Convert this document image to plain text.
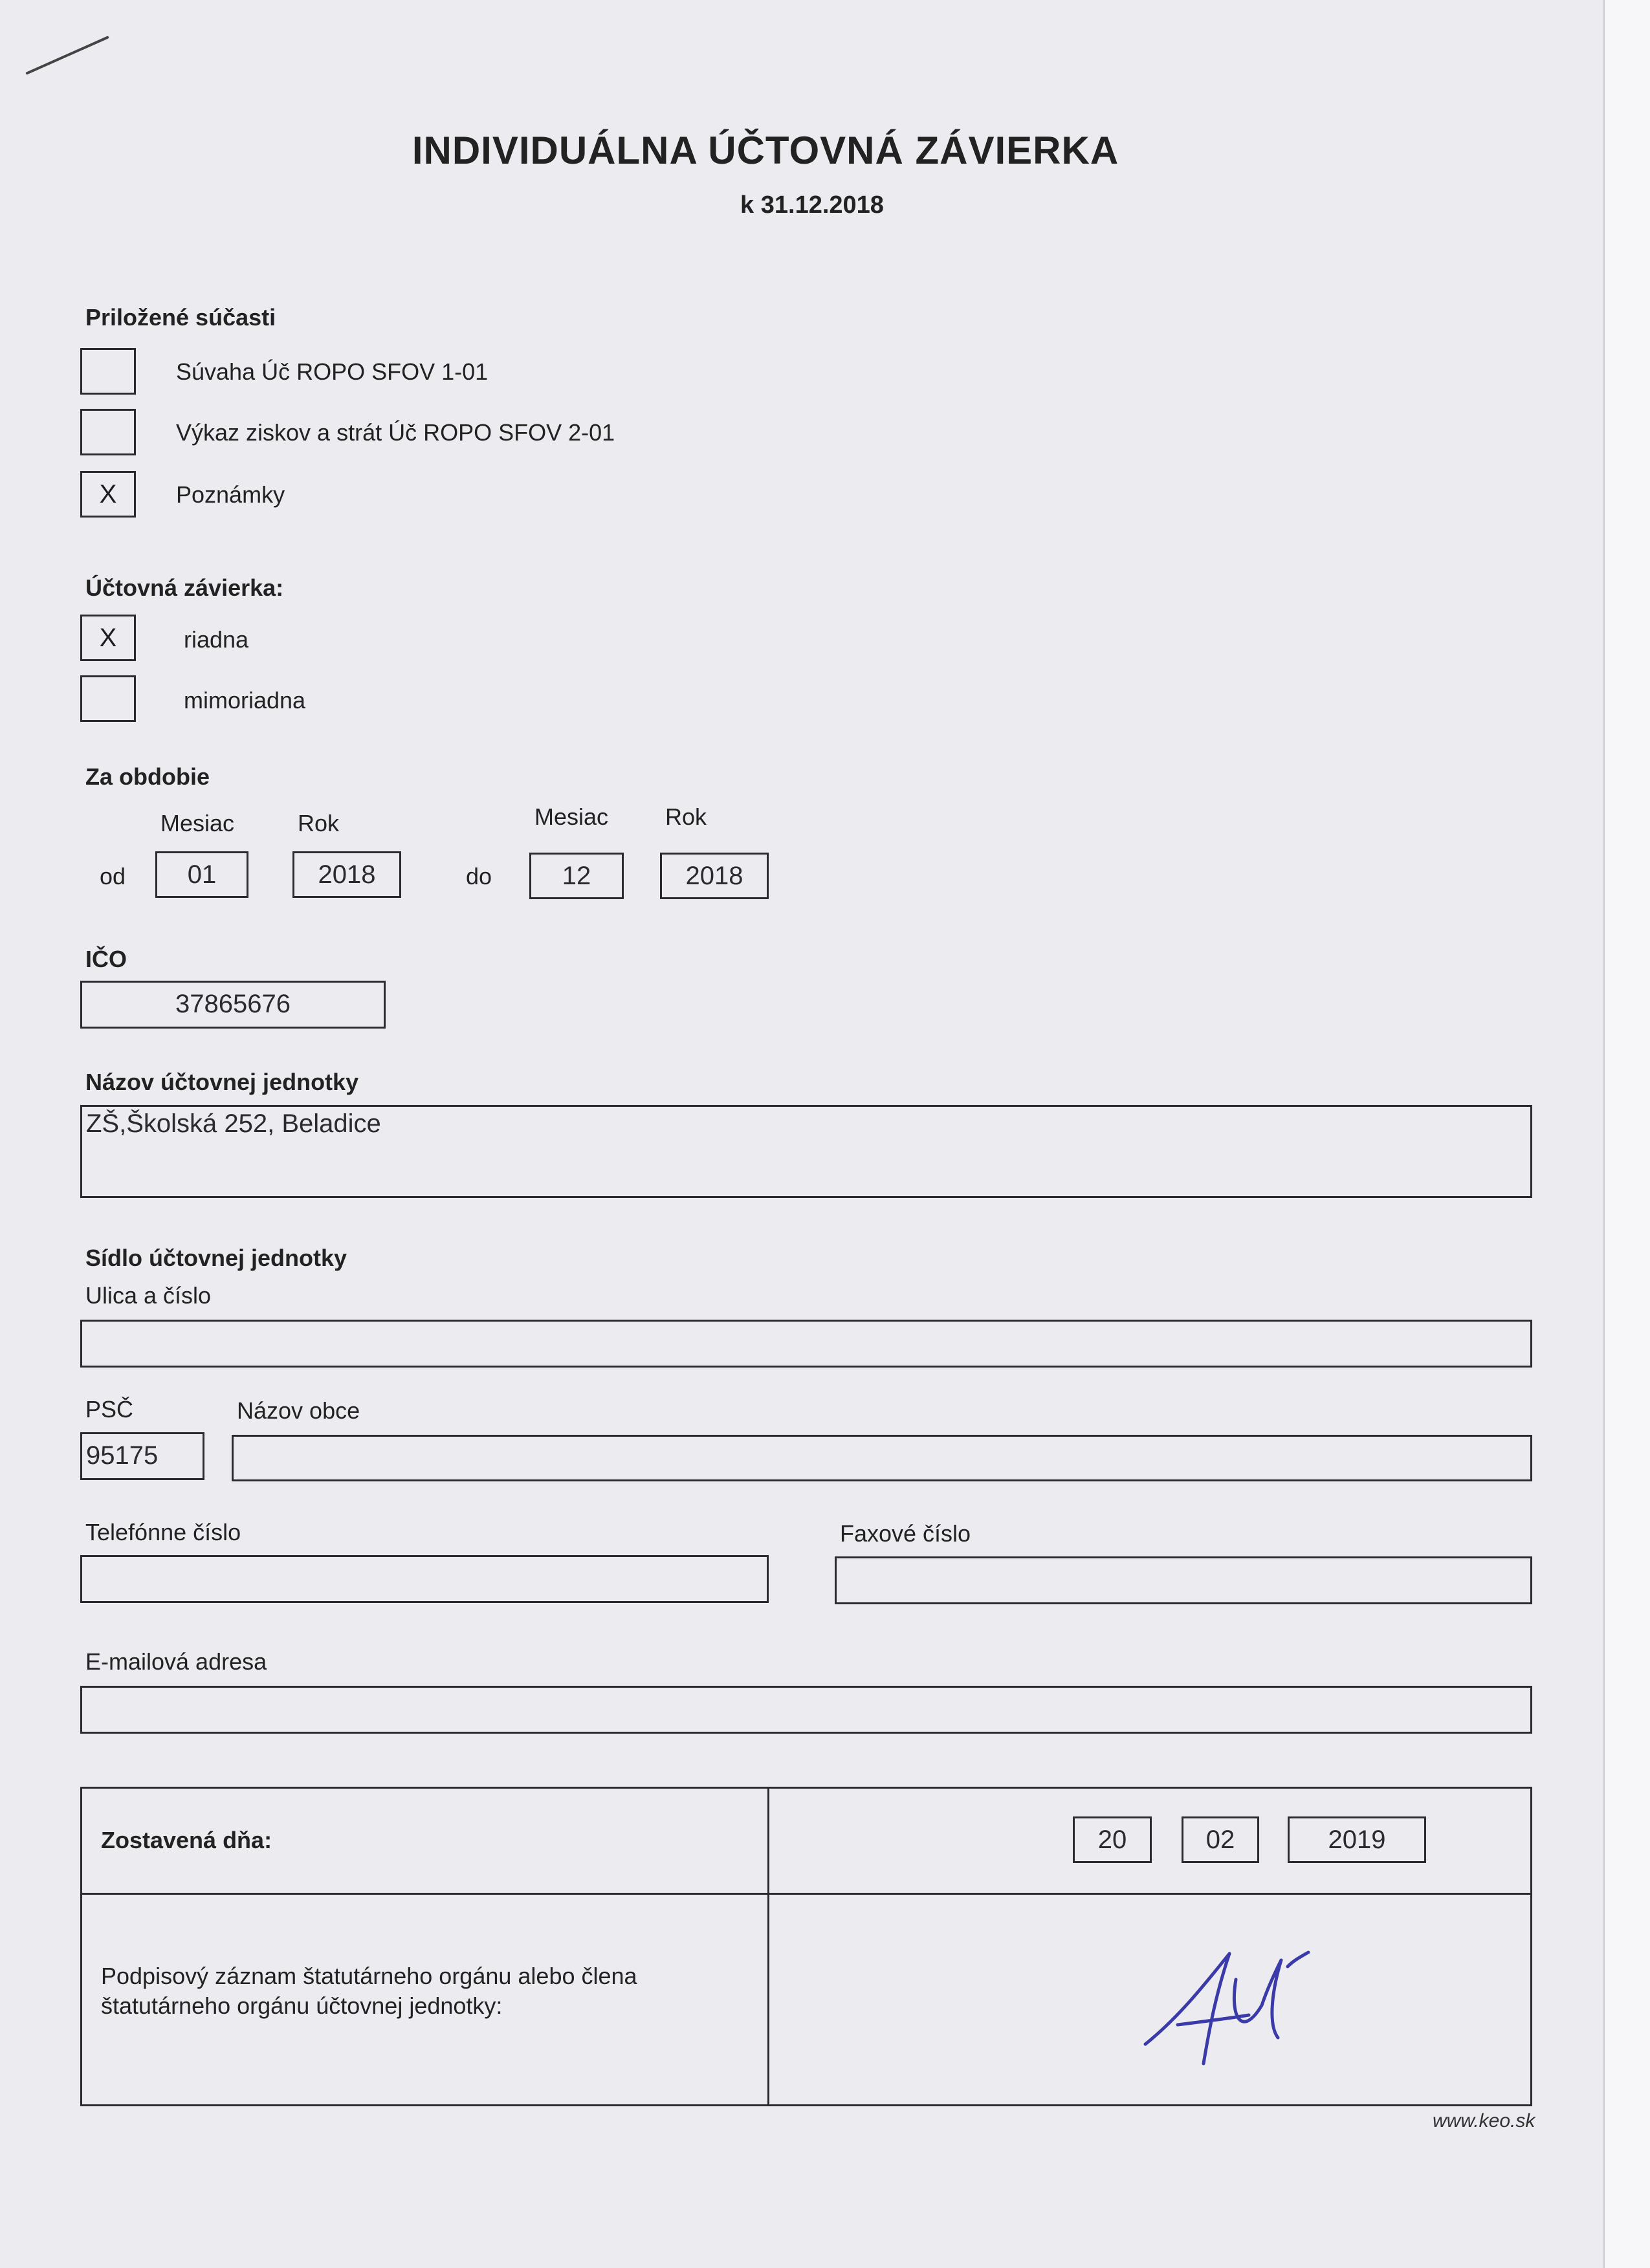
INDIVIDUÁLNA ÚČTOVNÁ ZÁVIERKA
k 31.12.2018
Priložené súčasti
Súvaha Úč ROPO SFOV 1-01
Výkaz ziskov a strát Úč ROPO SFOV 2-01
X	Poznámky
Účtovná závierka:
X	riadna
mimoriadna
Za obdobie
Mesiac	Rok	Mesiac Rok
od	01	2018	do	12	2018
IČO
37865676
Názov účtovnej jednotky
ZŠ,Školská 252, Beladice
Sídlo účtovnej jednotky
Ulica a číslo
PSČ	Názov obce
95175
Telefónne číslo	Faxové číslo
E-mailová adresa
Zostavená dňa:	20	02	2019
Podpisový záznam štatutárneho orgánu alebo člena
štatutárneho orgánu účtovnej jednotky:
www.keo.sk
